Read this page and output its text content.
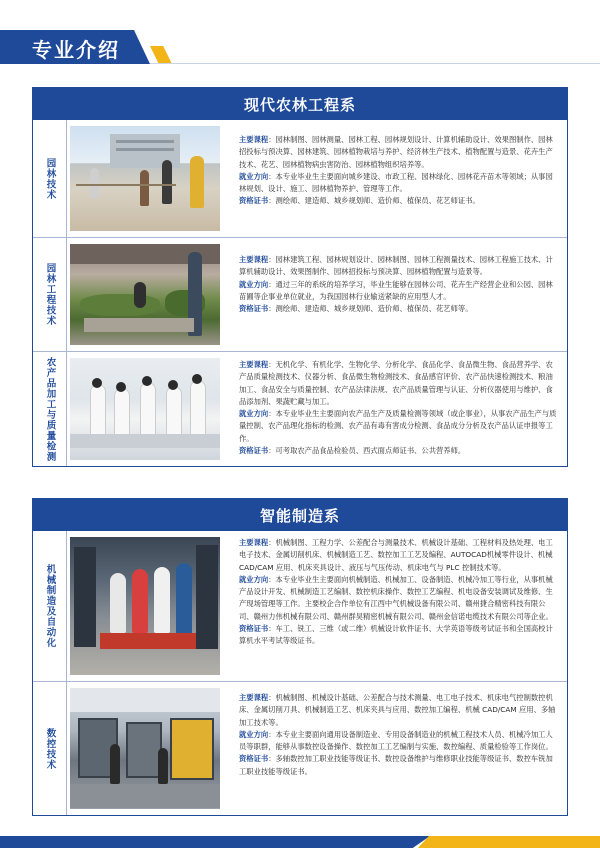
专业介绍
现代农林工程系
园林技术

主要课程：园林制图、园林测量、园林工程、园林规划设计、计算机辅助设计、效果图制作、园林招投标与预决算、园林建筑、园林植物栽培与养护、经济林生产技术、植物配置与造景、花卉生产技术、花艺、园林植物病虫害防治、园林植物组织培养等。

就业方向：本专业毕业生主要面向城乡建设、市政工程、园林绿化、园林花卉苗木等领域；从事园林规划、设计、施工、园林植物养护、管理等工作。

资格证书：测绘师、建造师、城乡规划师、造价师、植保员、花艺师证书。

园林工程技术

主要课程：园林建筑工程、园林规划设计、园林制图、园林工程测量技术、园林工程施工技术、计算机辅助设计、效果图制作、园林招投标与预决算、园林植物配置与造景等。

就业方向：通过三年的系统的培养学习，毕业生能够在园林公司、花卉生产经营企业和公园、园林苗圃等企事业单位就业，为我国园林行业输送紧缺的应用型人才。

资格证书：测绘师、建造师、城乡规划师、造价师、植保员、花艺师等。

农产品加工与质量检测	主要课程：无机化学、有机化学、生物化学、分析化学、食品化学、食品微生物、食品营养学、农产品质量检测技术、仪器分析、食品微生物检测技术、食品感官评价、农产品快速检测技术、粮油加工、食品安全与质量控制、农产品法律法规、农产品质量管理与认证、分析仪器使用与维护、食品添加剂、果蔬贮藏与加工。

就业方向：本专业毕业生主要面向农产品生产及质量检测等领域（或企事业），从事农产品生产与质量控制、农产品理化指标的检测、农产品有毒有害成分检测、食品成分分析及农产品认证申报等工作。

资格证书：可考取农产品食品检验员、西式面点师证书、公共营养师。

智能制造系
机械制造及自动化

主要课程：机械制图、工程力学、公差配合与测量技术、机械设计基础、工程材料及热处理、电工电子技术、金属切削机床、机械制造工艺、数控加工工艺及编程、AUTOCAD机械零件设计、机械 CAD/CAM 应用、机床夹具设计、液压与气压传动、机床电气与 PLC 控制技术等。

就业方向：本专业毕业生主要面向机械制造、机械加工、设备制造、机械冷加工等行业，从事机械产品设计开发、机械制造工艺编制、数控机床操作、数控工艺编程、机电设备安装调试及维修、生产现场管理等工作。主要校企合作单位有江西中气机械设备有限公司、赣州捷合精密科技有限公司、赣州力伟机械有限公司、赣州群昊精密机械有限公司、赣州金信诺电缆技术有限公司等企业。

资格证书：车工、铣工、三维（或二维）机械设计软件证书、大学英语等级考试证书和全国高校计算机水平考试等级证书。

数控技术

主要课程：机械制图、机械设计基础、公差配合与技术测量、电工电子技术、机床电气控制数控机床、金属切削刀具、机械制造工艺、机床夹具与应用、数控加工编程、机械 CAD/CAM 应用、多轴加工技术等。

就业方向：本专业主要面向通用设备制造业、专用设备制造业的机械工程技术人员、机械冷加工人员等职群，能够从事数控设备操作、数控加工工艺编制与实施、数控编程、质量检验等工作岗位。

资格证书：多轴数控加工职业技能等级证书、数控设备维护与维修职业技能等级证书、数控车铣加工职业技能等级证书。
